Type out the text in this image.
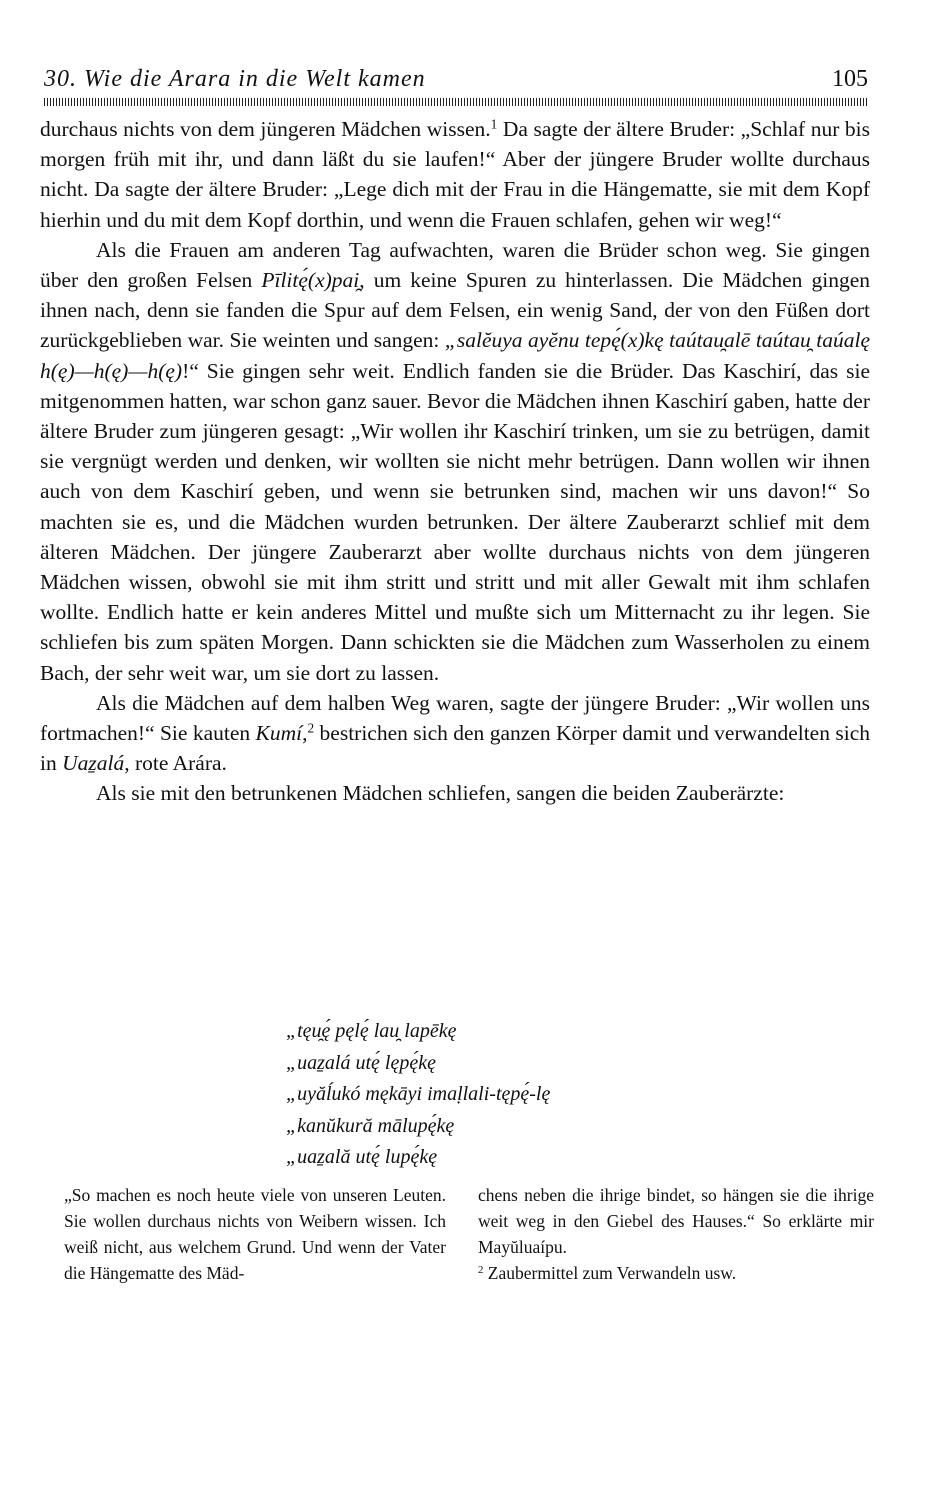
30. Wie die Arara in die Welt kamen	105

durchaus nichts von dem jüngeren Mädchen wissen.$^1$ Da sagte der ältere Bruder: „Schlaf nur bis morgen früh mit ihr, und dann läßt du sie laufen!“ Aber der jüngere Bruder wollte durchaus nicht. Da sagte der ältere Bruder: „Lege dich mit der Frau in die Hängematte, sie mit dem Kopf hierhin und du mit dem Kopf dorthin, und wenn die Frauen schlafen, gehen wir weg!“

Als die Frauen am anderen Tag aufwachten, waren die Brüder schon weg. Sie gingen über den großen Felsen Pīlitę́(x)pai̯, um keine Spuren zu hinterlassen. Die Mädchen gingen ihnen nach, denn sie fanden die Spur auf dem Felsen, ein wenig Sand, der von den Füßen dort zurückgeblieben war. Sie weinten und sangen: „salĕuya ayĕnu tepę́(x)kę taútau̯alē taútau̯ taúalę h(ę)—h(ę)—h(ę)!“ Sie gingen sehr weit. Endlich fanden sie die Brüder. Das Kaschirí, das sie mitgenommen hatten, war schon ganz sauer. Bevor die Mädchen ihnen Kaschirí gaben, hatte der ältere Bruder zum jüngeren gesagt: „Wir wollen ihr Kaschirí trinken, um sie zu betrügen, damit sie vergnügt werden und denken, wir wollten sie nicht mehr betrügen. Dann wollen wir ihnen auch von dem Kaschirí geben, und wenn sie betrunken sind, machen wir uns davon!“ So machten sie es, und die Mädchen wurden betrunken. Der ältere Zauberarzt schlief mit dem älteren Mädchen. Der jüngere Zauberarzt aber wollte durchaus nichts von dem jüngeren Mädchen wissen, obwohl sie mit ihm stritt und stritt und mit aller Gewalt mit ihm schlafen wollte. Endlich hatte er kein anderes Mittel und mußte sich um Mitternacht zu ihr legen. Sie schliefen bis zum späten Morgen. Dann schickten sie die Mädchen zum Wasserholen zu einem Bach, der sehr weit war, um sie dort zu lassen.

Als die Mädchen auf dem halben Weg waren, sagte der jüngere Bruder: „Wir wollen uns fortmachen!“ Sie kauten Kumí,$^2$ bestrichen sich den ganzen Körper damit und verwandelten sich in Uaẕalá, rote Arára.

Als sie mit den betrunkenen Mädchen schliefen, sangen die beiden Zauberärzte:

„tęu̯ę́ pęlę́ lau̯ lapēkę
„uaẕalá utę́ lępę́kę
„uyăĺukó mękāyi imaḷlali-tępę́-lę
„kanŭkură mālupę́kę
„uaẕală utę́ lupę́kę

„So machen es noch heute viele von unseren Leuten. Sie wollen durchaus nichts von Weibern wissen. Ich weiß nicht, aus welchem Grund. Und wenn der Vater die Hängematte des Mäd-

chens neben die ihrige bindet, so hängen sie die ihrige weit weg in den Giebel des Hauses.“ So erklärte mir Mayŭluaípu.

$^2$ Zaubermittel zum Verwandeln usw.
